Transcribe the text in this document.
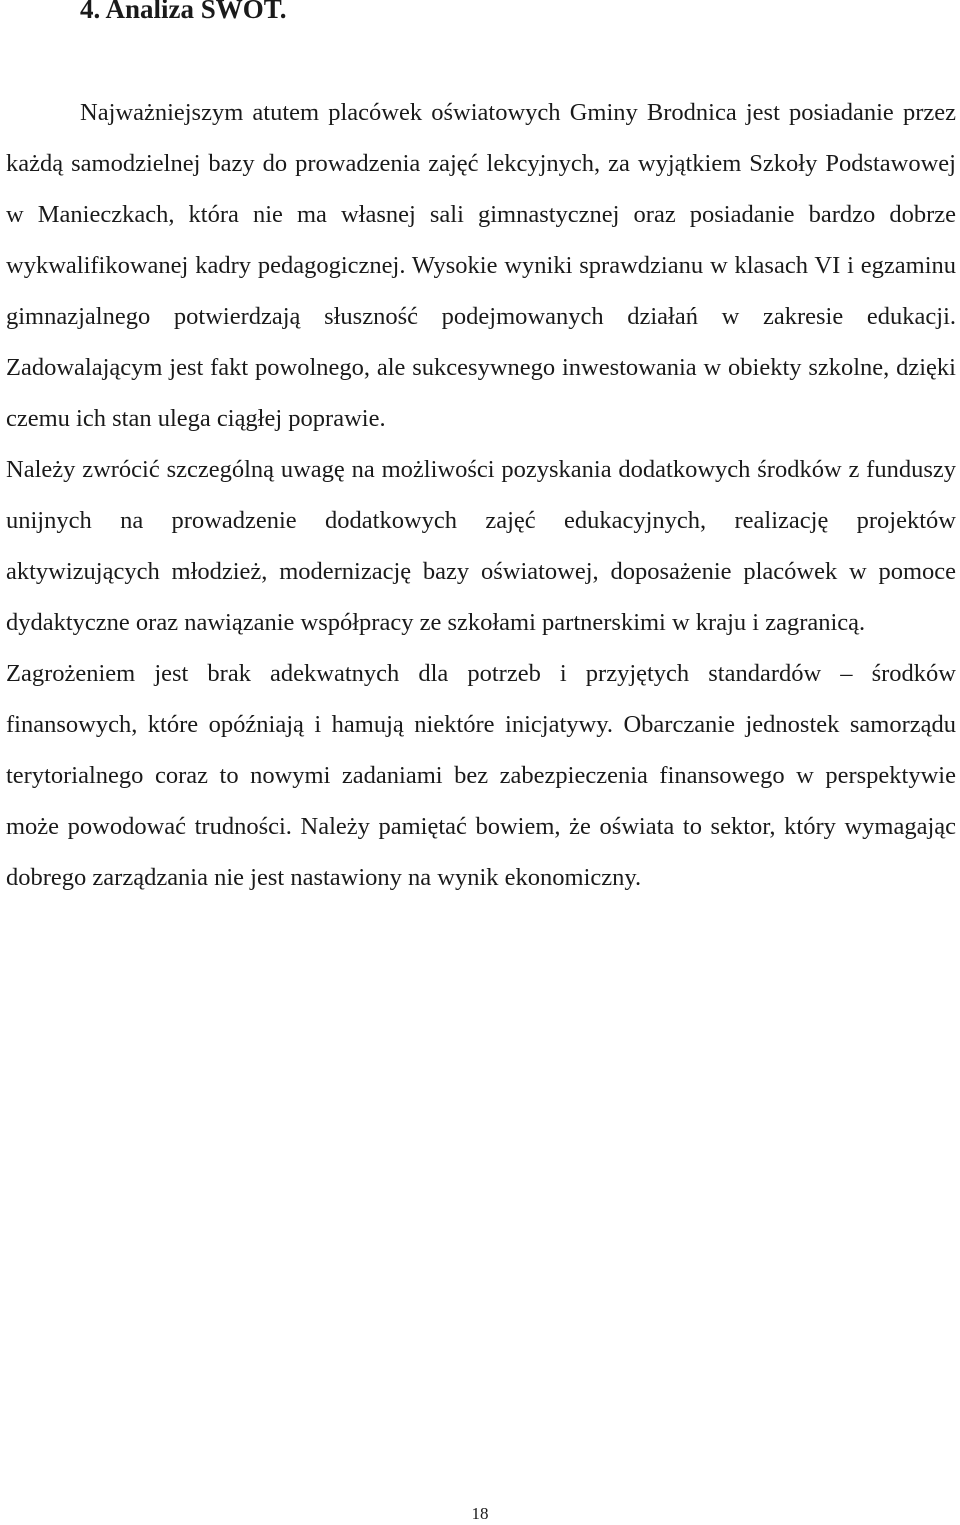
4. Analiza SWOT.

Najważniejszym atutem placówek oświatowych Gminy Brodnica jest posiadanie przez każdą samodzielnej bazy do prowadzenia zajęć lekcyjnych, za wyjątkiem Szkoły Podstawowej w Manieczkach, która nie ma własnej sali gimnastycznej oraz posiadanie bardzo dobrze wykwalifikowanej kadry pedagogicznej. Wysokie wyniki sprawdzianu w klasach VI i egzaminu gimnazjalnego potwierdzają słuszność podejmowanych działań w zakresie edukacji. Zadowalającym jest fakt powolnego, ale sukcesywnego inwestowania w obiekty szkolne, dzięki czemu ich stan ulega ciągłej poprawie.

Należy zwrócić szczególną uwagę na możliwości pozyskania dodatkowych środków z funduszy unijnych na prowadzenie dodatkowych zajęć edukacyjnych, realizację projektów aktywizujących młodzież, modernizację bazy oświatowej, doposażenie placówek w pomoce dydaktyczne oraz nawiązanie współpracy ze szkołami partnerskimi w kraju i zagranicą.

Zagrożeniem jest brak adekwatnych dla potrzeb i przyjętych standardów – środków finansowych, które opóźniają i hamują niektóre inicjatywy. Obarczanie jednostek samorządu terytorialnego coraz to nowymi zadaniami bez zabezpieczenia finansowego w perspektywie może powodować trudności. Należy pamiętać bowiem, że oświata to sektor, który wymagając dobrego zarządzania nie jest nastawiony na wynik ekonomiczny.

18
